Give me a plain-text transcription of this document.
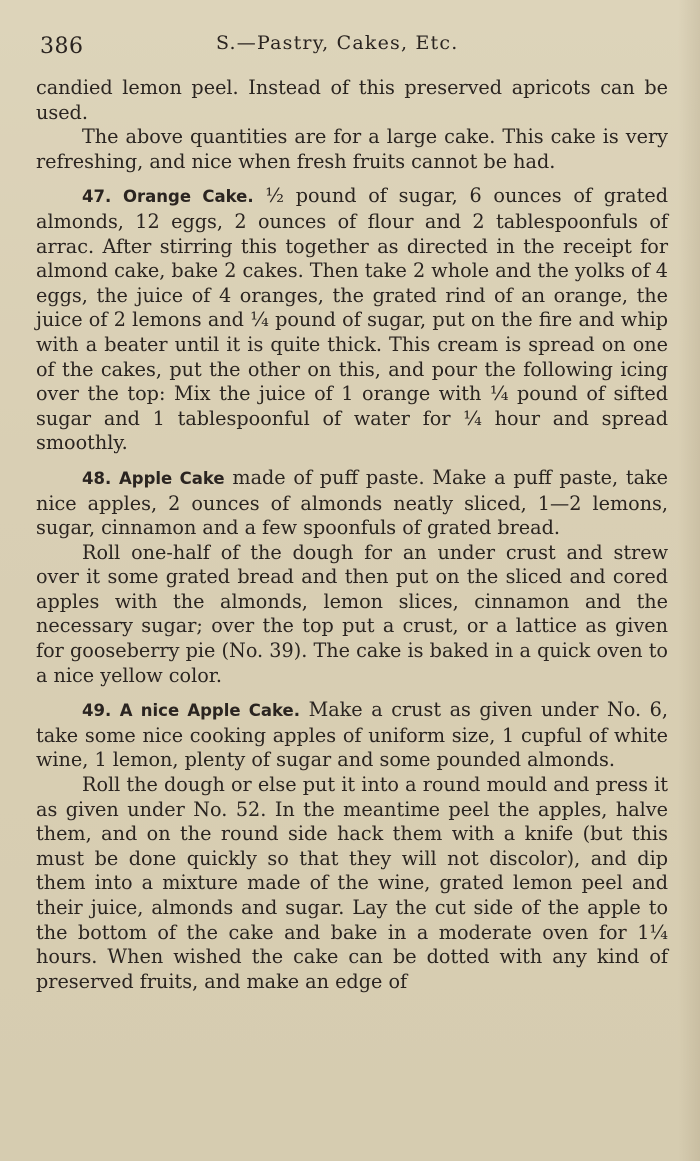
386	S.—Pastry, Cakes, Etc.

candied lemon peel. Instead of this preserved apricots can be used.

The above quantities are for a large cake. This cake is very refreshing, and nice when fresh fruits cannot be had.

47. Orange Cake. ½ pound of sugar, 6 ounces of grated almonds, 12 eggs, 2 ounces of flour and 2 tablespoonfuls of arrac. After stirring this together as directed in the receipt for almond cake, bake 2 cakes. Then take 2 whole and the yolks of 4 eggs, the juice of 4 oranges, the grated rind of an orange, the juice of 2 lemons and ¼ pound of sugar, put on the fire and whip with a beater until it is quite thick. This cream is spread on one of the cakes, put the other on this, and pour the following icing over the top: Mix the juice of 1 orange with ¼ pound of sifted sugar and 1 tablespoonful of water for ¼ hour and spread smoothly.

48. Apple Cake made of puff paste. Make a puff paste, take nice apples, 2 ounces of almonds neatly sliced, 1—2 lemons, sugar, cinnamon and a few spoonfuls of grated bread.

Roll one-half of the dough for an under crust and strew over it some grated bread and then put on the sliced and cored apples with the almonds, lemon slices, cinnamon and the necessary sugar; over the top put a crust, or a lattice as given for gooseberry pie (No. 39). The cake is baked in a quick oven to a nice yellow color.

49. A nice Apple Cake. Make a crust as given under No. 6, take some nice cooking apples of uniform size, 1 cupful of white wine, 1 lemon, plenty of sugar and some pounded almonds.

Roll the dough or else put it into a round mould and press it as given under No. 52. In the meantime peel the apples, halve them, and on the round side hack them with a knife (but this must be done quickly so that they will not discolor), and dip them into a mixture made of the wine, grated lemon peel and their juice, almonds and sugar. Lay the cut side of the apple to the bottom of the cake and bake in a moderate oven for 1¼ hours. When wished the cake can be dotted with any kind of preserved fruits, and make an edge of
